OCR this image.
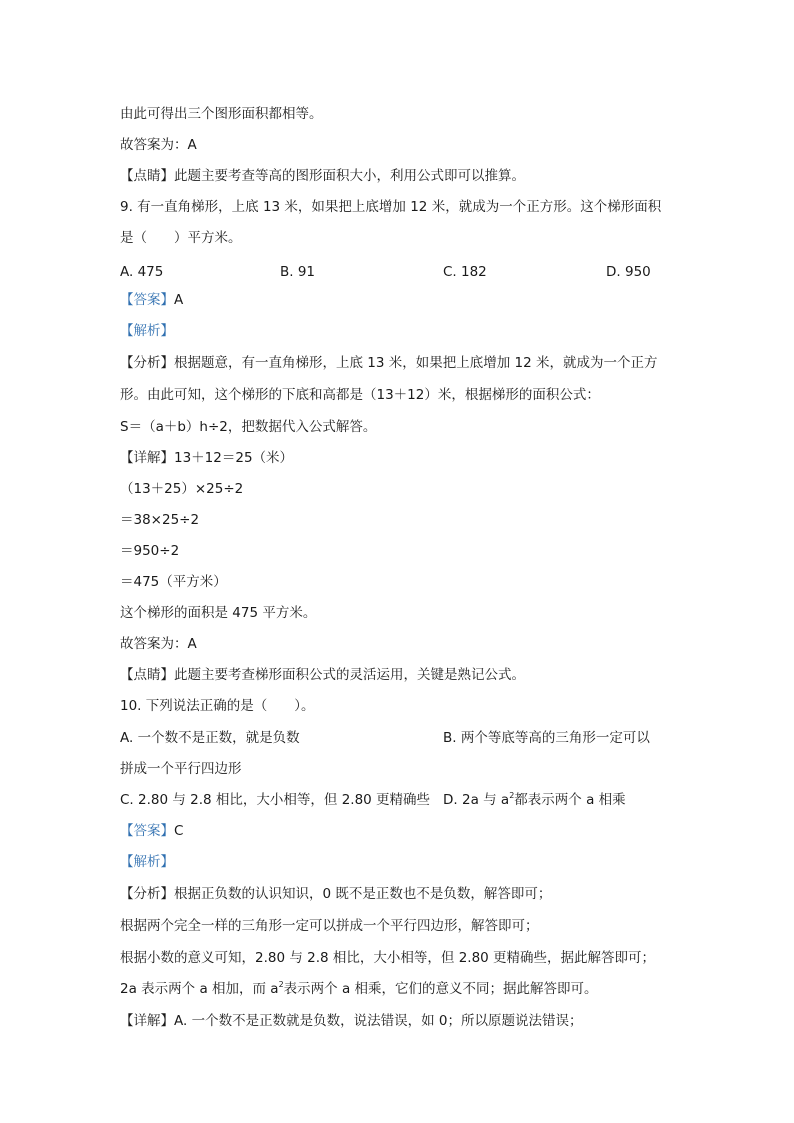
由此可得出三个图形面积都相等。
故答案为：A
【点睛】此题主要考查等高的图形面积大小，利用公式即可以推算。
9. 有一直角梯形，上底 13 米，如果把上底增加 12 米，就成为一个正方形。这个梯形面积
是（　　）平方米。
A. 475	B. 91	C. 182	D. 950
【答案】A
【解析】
【分析】根据题意，有一直角梯形，上底 13 米，如果把上底增加 12 米，就成为一个正方
形。由此可知，这个梯形的下底和高都是（13＋12）米，根据梯形的面积公式：
S＝（a＋b）h÷2，把数据代入公式解答。
【详解】13＋12＝25（米）
（13＋25）×25÷2
＝38×25÷2
＝950÷2
＝475（平方米）
这个梯形的面积是 475 平方米。
故答案为：A
【点睛】此题主要考查梯形面积公式的灵活运用，关键是熟记公式。
10. 下列说法正确的是（　　）。
A. 一个数不是正数，就是负数	B. 两个等底等高的三角形一定可以
拼成一个平行四边形
C. 2.80 与 2.8 相比，大小相等，但 2.80 更精确些 D. 2a 与 $a^2$都表示两个 a 相乘
【答案】C
【解析】
【分析】根据正负数的认识知识，0 既不是正数也不是负数，解答即可；
根据两个完全一样的三角形一定可以拼成一个平行四边形，解答即可；
根据小数的意义可知，2.80 与 2.8 相比，大小相等，但 2.80 更精确些，据此解答即可；
2a 表示两个 a 相加，而 $a^2$表示两个 a 相乘，它们的意义不同；据此解答即可。
【详解】A. 一个数不是正数就是负数，说法错误，如 0；所以原题说法错误；
